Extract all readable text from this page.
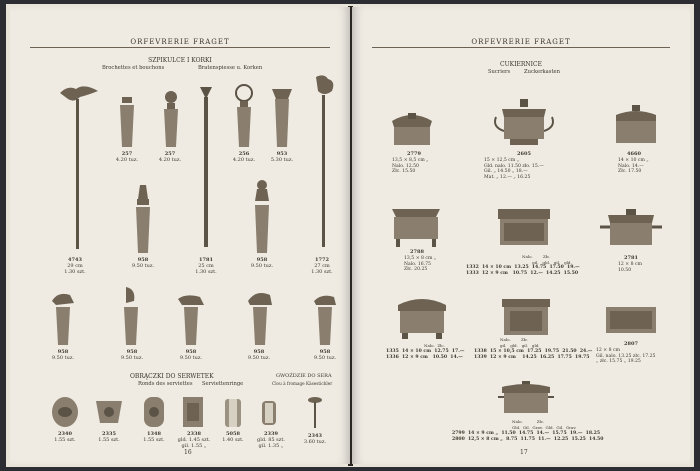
ORFEVRERIE FRAGET
SZPIKULCE I KORKI
Brochettes et bouchons	Bratenspiesse u. Korken
4743
29 cm
1.30 szt.
257
4.20 tuz.
257
4.20 tuz.
1781
25 cm
1.30 szt.
256
4.20 tuz.
953
5.30 tuz.
1772
27 cm
1.30 szt.
958
9.50 tuz.
958
9.50 tuz.
958
9.50 tuz.
958
9.50 tuz.
958
9.50 tuz.
958
9.50 tuz.
958
9.50 tuz.
OBRĄCZKI DO SERWETEK
Ronds des serviettes Serviettenringe
GWOŹDZIE DO SERA
Clou à fromage Käsestichler
2340
1.55 szt.
2335
1.55 szt.
1348
1.55 szt.
2338
gld. 1.45 szt.
gil. 1.55 „
5058
1.40 szt.
2339
gld. 85 szt.
gil. 1.35 „
2343
3.60 tuz.
16
ORFEVRERIE FRAGET
CUKIERNICE
Sucriers	Zuckerkasten
2779
13,5 × 8,5 cm „
Nalo. 12.50
Złc. 15.50
2605
15 × 12,5 cm „
Gld. nalo. 11.50 zło. 15.—
Gil. „ 14.50 „ 18.—
Mat. „ 12.— „ 16.25
4660
14 × 10 cm „
Nalo. 14.—
Złc. 17.50
2788
13,5 × 8 cm „
Nalo. 16.75
Złc. 20.25
Nalo.        Złc.
gil.   gld.   gil.   gld.
1332  14 × 10 cm  13.25  14.75  17.50  19.—
1333  12 × 9 cm   10.75  12.—  14.25  15.50
2781
12 × 8 cm
10.50
Nalo.  Złc.
1335  14 × 10 cm  12.75  17.—
1336  12 × 9 cm   10.50  14.—
Nalo.        Złc.
gil.   gld.   gil.   gld.
1338  15 × 10,5 cm  17.25  19.75  21.50  24.—
1339  12 × 9 cm    14.25  16.25  17.75  19.75
2807
12 × 8 cm
Gil. nalo. 13.25 złc. 17.25
„ złc. 15.75 „ 19.25
Nalo.           Złc.
Gld.  Gil.  Grav.  Gld.  Gil.  Grav.
2799  14 × 9 cm „  11.50  14.75  14.—  15.75  19.—  18.25
2800  12,5 × 8 cm „  8.75  11.75  11.—  12.25  15.25  14.50
17
